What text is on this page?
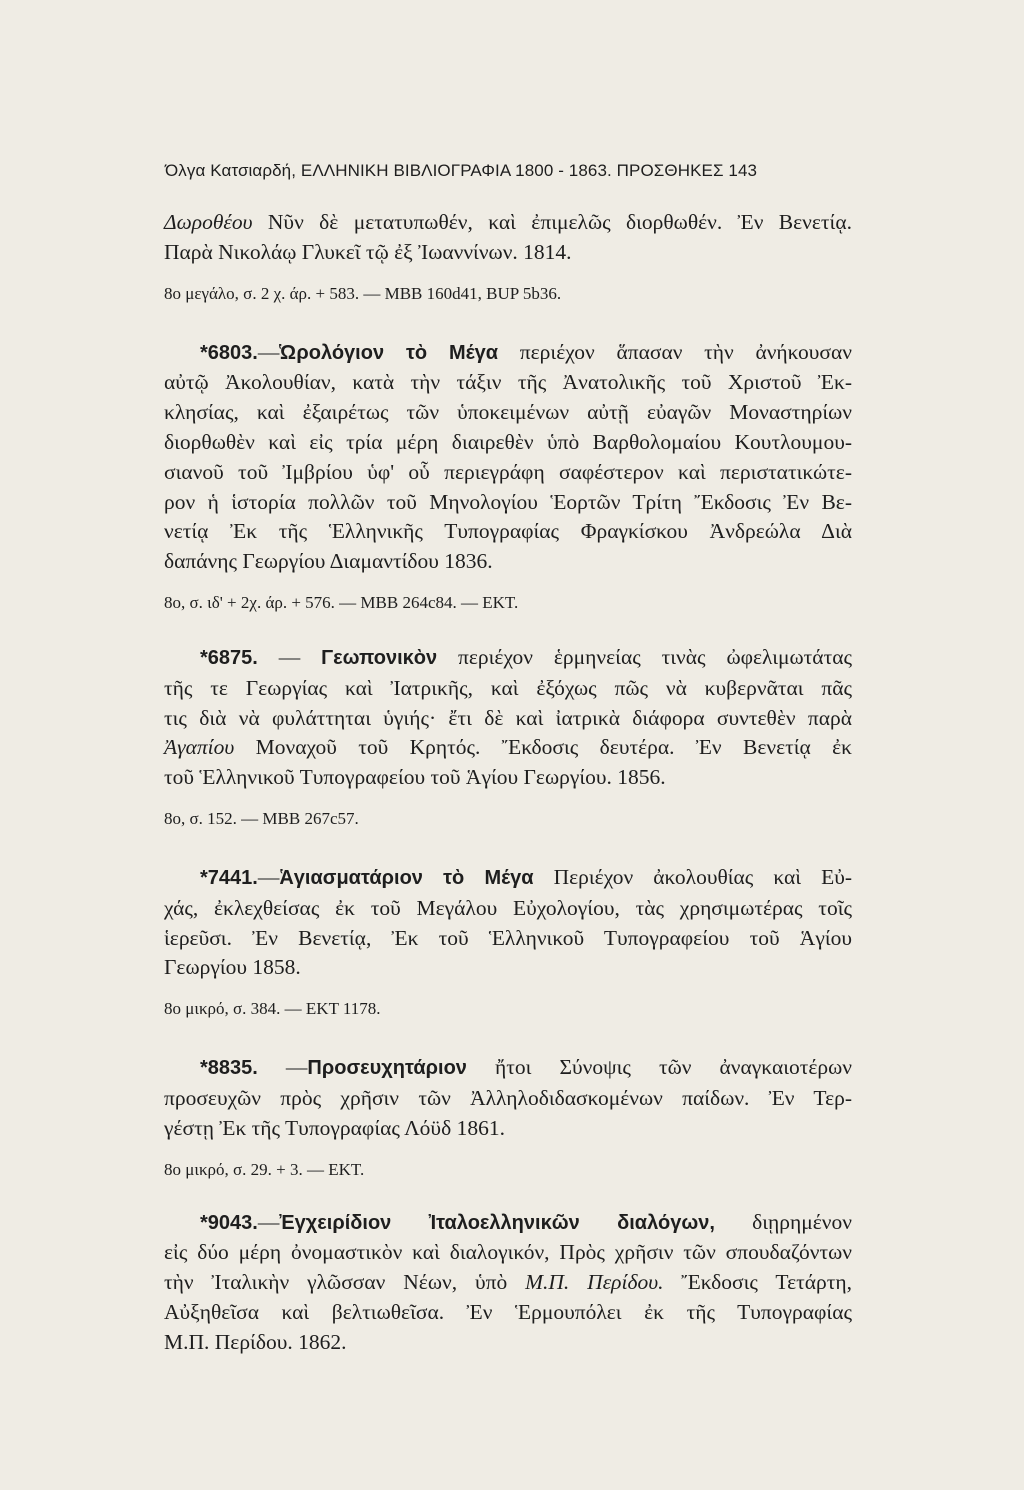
Όλγα Κατσιαρδή, ΕΛΛΗΝΙΚΗ ΒΙΒΛΙΟΓΡΑΦΙΑ 1800 - 1863. ΠΡΟΣΘΗΚΕΣ 143
Δωροθέου Νῦν δὲ μετατυπωθέν, καὶ ἐπιμελῶς διορθωθέν. Ἐν Βενετίᾳ.
Παρὰ Νικολάῳ Γλυκεῖ τῷ ἐξ Ἰωαννίνων. 1814.
8ο μεγάλο, σ. 2 χ. άρ. + 583. — MBB 160d41, BUP 5b36.
*6803.—Ὡρολόγιον τὸ Μέγα περιέχον ἅπασαν τὴν ἀνήκουσαν
αὐτῷ Ἀκολουθίαν, κατὰ τὴν τάξιν τῆς Ἀνατολικῆς τοῦ Χριστοῦ Ἐκ-
κλησίας, καὶ ἐξαιρέτως τῶν ὑποκειμένων αὐτῇ εὐαγῶν Μοναστηρίων
διορθωθὲν καὶ εἰς τρία μέρη διαιρεθὲν ὑπὸ Βαρθολομαίου Κουτλουμου-
σιανοῦ τοῦ Ἰμβρίου ὑφ' οὗ περιεγράφη σαφέστερον καὶ περιστατικώτε-
ρον ἡ ἱστορία πολλῶν τοῦ Μηνολογίου Ἑορτῶν Τρίτη Ἔκδοσις Ἐν Βε-
νετίᾳ Ἐκ τῆς Ἑλληνικῆς Τυπογραφίας Φραγκίσκου Ἀνδρεώλα Διὰ
δαπάνης Γεωργίου Διαμαντίδου 1836.
8ο, σ. ιδ' + 2χ. άρ. + 576. — MBB 264c84. — EKT.
*6875. — Γεωπονικὸν περιέχον ἑρμηνείας τινὰς ὠφελιμωτάτας
τῆς τε Γεωργίας καὶ Ἰατρικῆς, καὶ ἐξόχως πῶς νὰ κυβερνᾶται πᾶς
τις διὰ νὰ φυλάττηται ὑγιής· ἔτι δὲ καὶ ἰατρικὰ διάφορα συντεθὲν παρὰ
Ἀγαπίου Μοναχοῦ τοῦ Κρητός. Ἔκδοσις δευτέρα. Ἐν Βενετίᾳ ἐκ
τοῦ Ἑλληνικοῦ Τυπογραφείου τοῦ Ἁγίου Γεωργίου. 1856.
8ο, σ. 152. — MBB 267c57.
*7441.—Ἁγιασματάριον τὸ Μέγα Περιέχον ἀκολουθίας καὶ Εὐ-
χάς, ἐκλεχθείσας ἐκ τοῦ Μεγάλου Εὐχολογίου, τὰς χρησιμωτέρας τοῖς
ἱερεῦσι. Ἐν Βενετίᾳ, Ἐκ τοῦ Ἑλληνικοῦ Τυπογραφείου τοῦ Ἁγίου
Γεωργίου 1858.
8ο μικρό, σ. 384. — EKT 1178.
*8835. —Προσευχητάριον ἤτοι Σύνοψις τῶν ἀναγκαιοτέρων
προσευχῶν πρὸς χρῆσιν τῶν Ἀλληλοδιδασκομένων παίδων. Ἐν Τερ-
γέστῃ Ἐκ τῆς Τυπογραφίας Λόϋδ 1861.
8ο μικρό, σ. 29. + 3. — EKT.
*9043.—Ἐγχειρίδιον Ἰταλοελληνικῶν διαλόγων, διῃρημένον
εἰς δύο μέρη ὀνομαστικὸν καὶ διαλογικόν, Πρὸς χρῆσιν τῶν σπουδαζόντων
τὴν Ἰταλικὴν γλῶσσαν Νέων, ὑπὸ Μ.Π. Περίδου. Ἔκδοσις Τετάρτη,
Αὐξηθεῖσα καὶ βελτιωθεῖσα. Ἐν Ἑρμουπόλει ἐκ τῆς Τυπογραφίας
Μ.Π. Περίδου. 1862.
